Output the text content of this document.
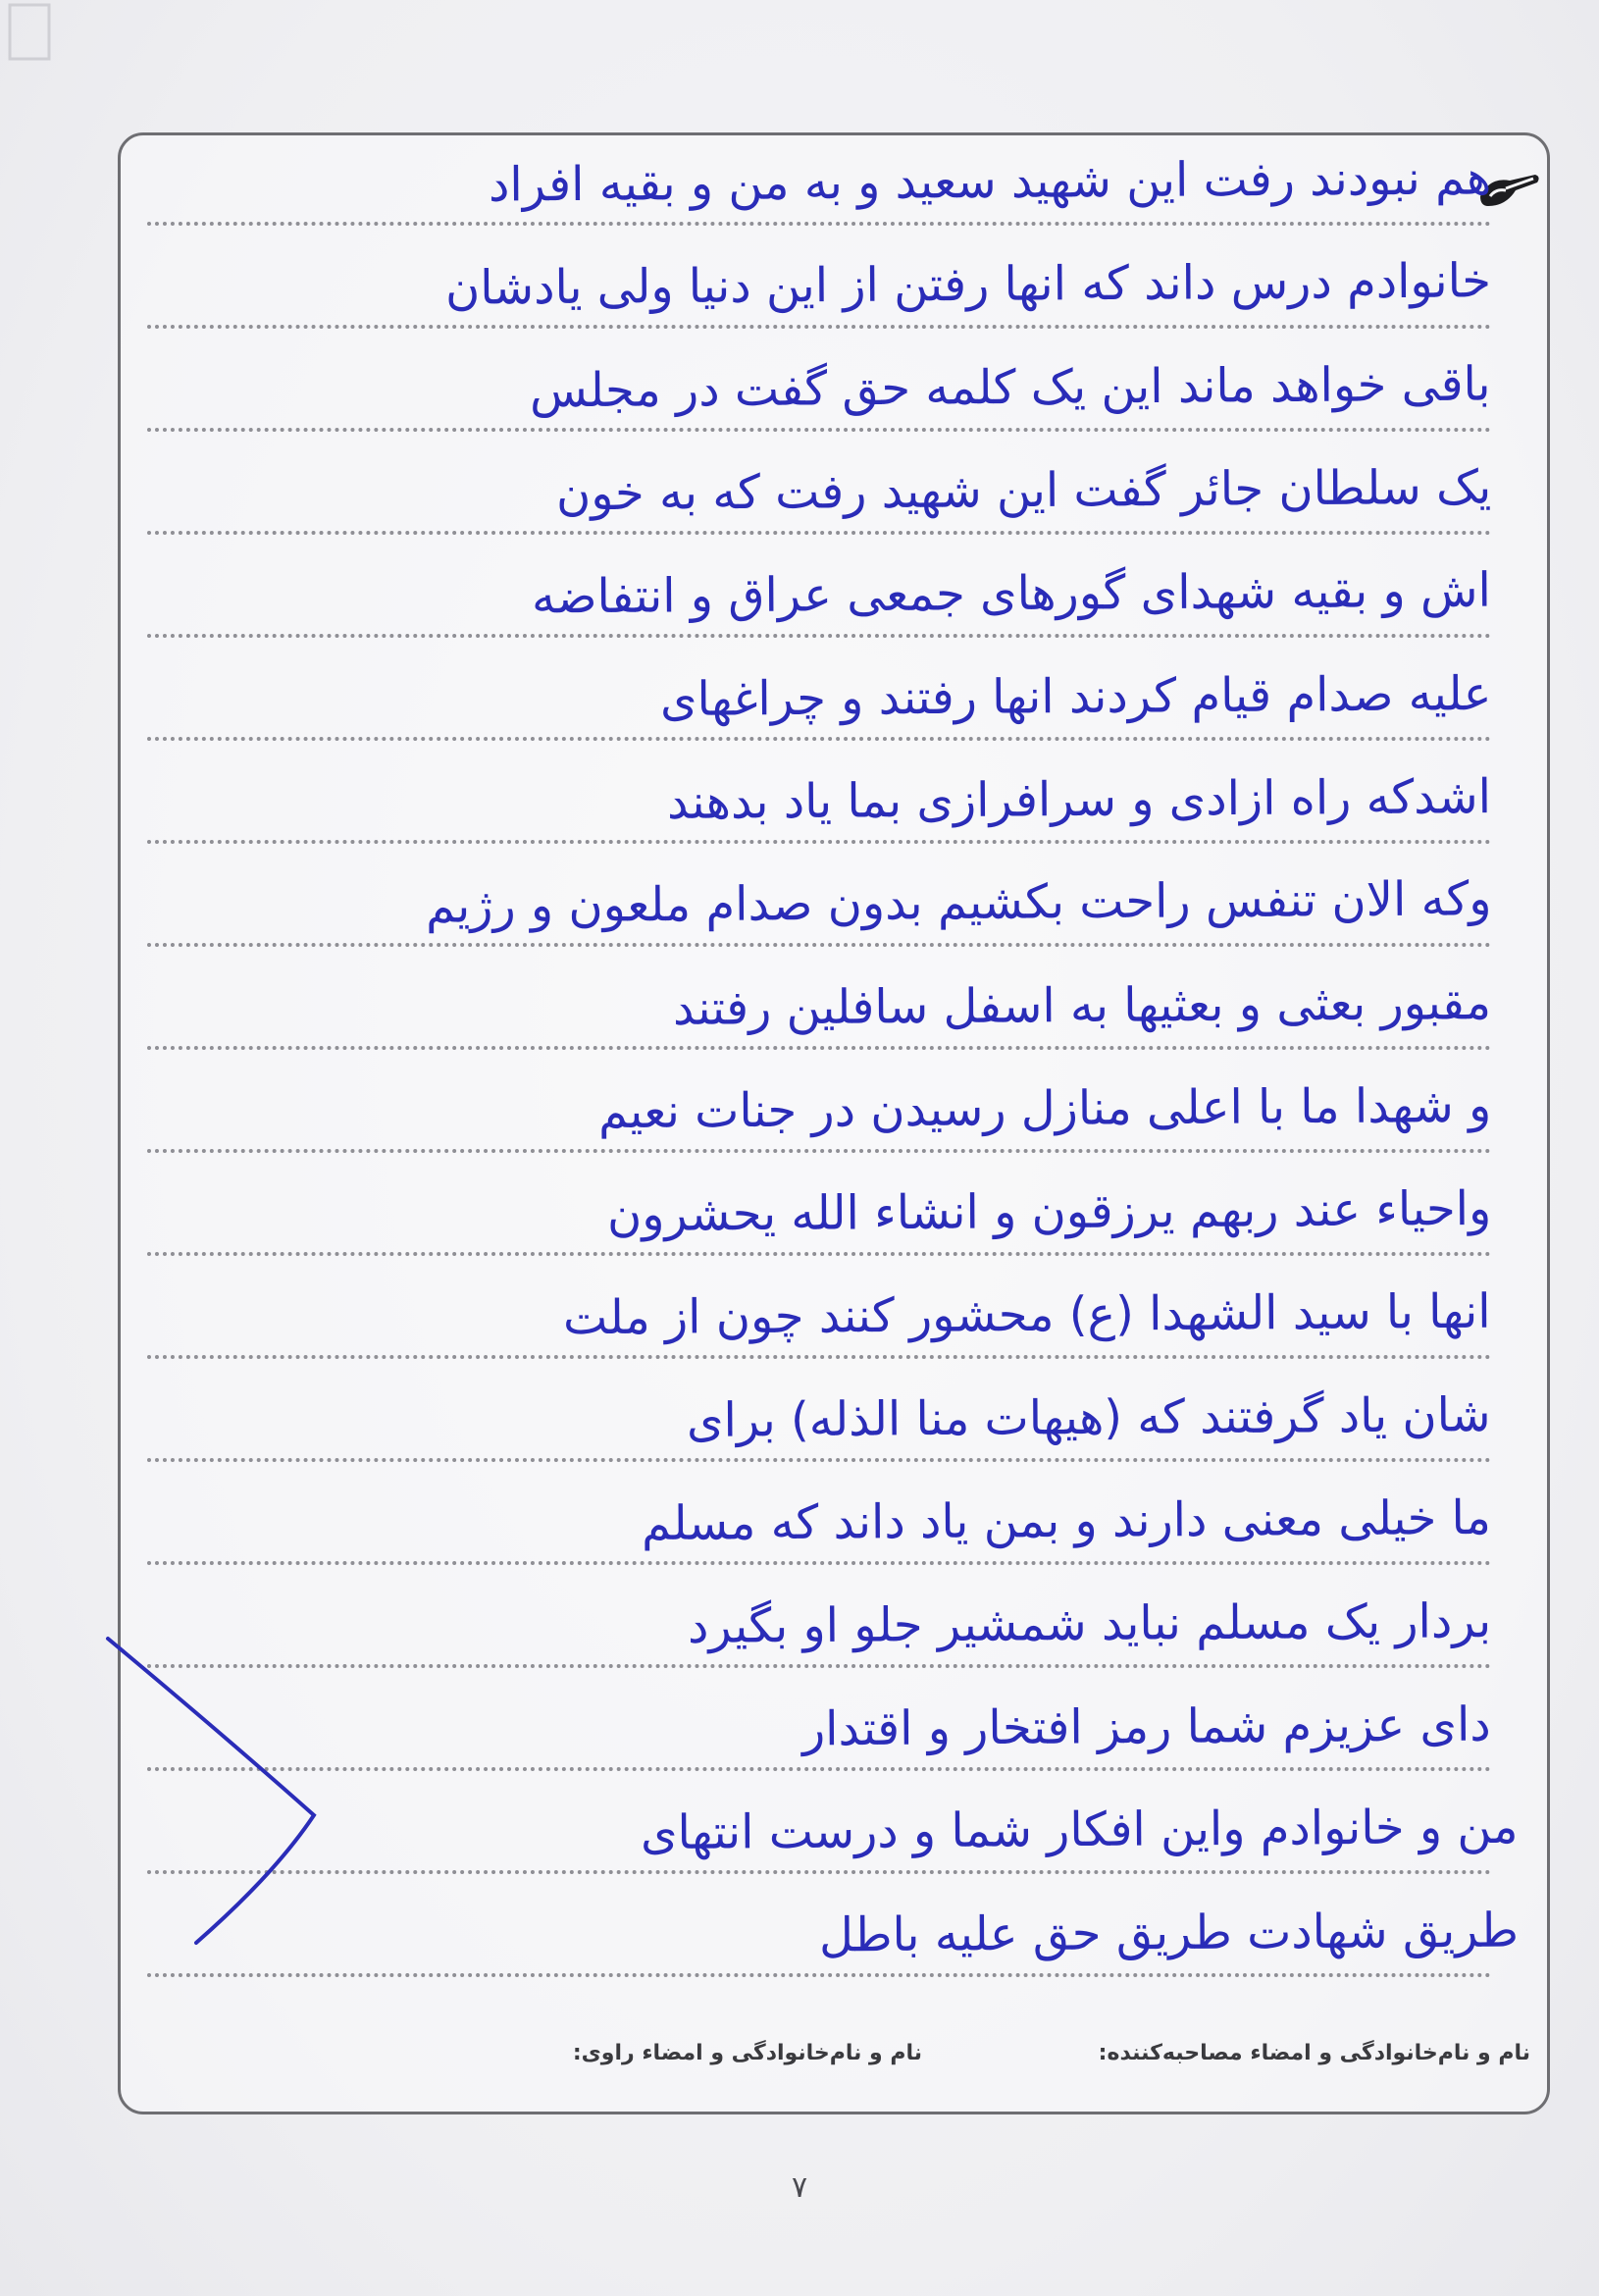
هم نبودند رفت این شهید سعید و به من و بقیه افراد
خانوادم درس داند که انها رفتن از این دنیا ولی یادشان
باقی خواهد ماند این یک کلمه حق گفت در مجلس
یک سلطان جائر گفت این شهید رفت که به خون
اش و بقیه شهدای گورهای جمعی عراق و انتفاضه
علیه صدام قیام کردند انها رفتند و چراغهای
اشدکه راه ازادی و سرافرازی بما یاد بدهند
وکه الان تنفس راحت بکشیم بدون صدام ملعون و رژیم
مقبور بعثی و بعثیها به اسفل سافلین رفتند
و شهدا ما با اعلی منازل رسیدن در جنات نعیم
واحیاء عند ربهم یرزقون و انشاء الله یحشرون
انها با سید الشهدا (ع) محشور کنند چون از ملت
شان یاد گرفتند که (هیهات منا الذله) برای
ما خیلی معنی دارند و بمن یاد داند که مسلم
بردار یک مسلم نباید شمشیر جلو او بگیرد
دای عزیزم شما رمز افتخار و اقتدار
من و خانوادم واین افکار شما و درست انتهای
طریق شهادت طریق حق علیه باطل
نام و نام‌خانوادگی و امضاء مصاحبه‌کننده:
نام و نام‌خانوادگی و امضاء راوی:
۷
